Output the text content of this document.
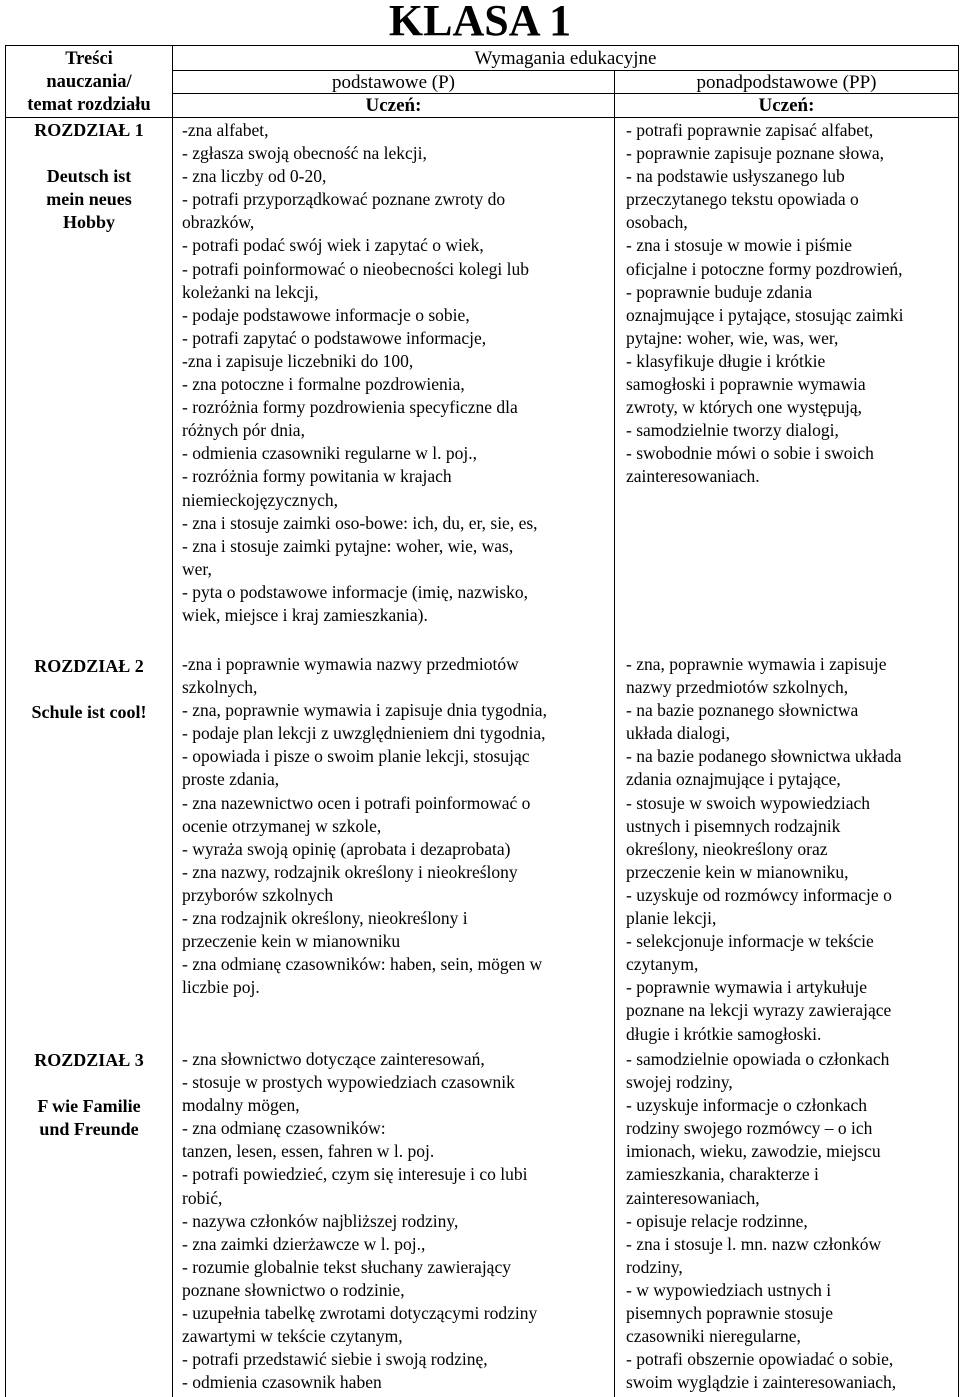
KLASA 1
Treści
nauczania/
temat rozdziału
Wymagania edukacyjne
podstawowe (P)	ponadpodstawowe (PP)
Uczeń:	Uczeń:
ROZDZIAŁ 1
Deutsch ist
mein neues
Hobby
-zna alfabet,
- zgłasza swoją obecność na lekcji,
- zna liczby od 0-20,
- potrafi przyporządkować poznane zwroty do
obrazków,
- potrafi podać swój wiek i zapytać o wiek,
- potrafi poinformować o nieobecności kolegi lub
koleżanki na lekcji,
- podaje podstawowe informacje o sobie,
- potrafi zapytać o podstawowe informacje,
-zna i zapisuje liczebniki do 100,
- zna potoczne i formalne pozdrowienia,
- rozróżnia formy pozdrowienia specyficzne dla
różnych pór dnia,
- odmienia czasowniki regularne w l. poj.,
- rozróżnia formy powitania w krajach
niemieckojęzycznych,
- zna i stosuje zaimki oso-bowe: ich, du, er, sie, es,
- zna i stosuje zaimki pytajne: woher, wie, was,
wer,
- pyta o podstawowe informacje (imię, nazwisko,
wiek, miejsce i kraj zamieszkania).
- potrafi poprawnie zapisać alfabet,
- poprawnie zapisuje poznane słowa,
- na podstawie usłyszanego lub
przeczytanego tekstu opowiada o
osobach,
- zna i stosuje w mowie i piśmie
oficjalne i potoczne formy pozdrowień,
- poprawnie buduje zdania
oznajmujące i pytające, stosując zaimki
pytajne: woher, wie, was, wer,
- klasyfikuje długie i krótkie
samogłoski i poprawnie wymawia
zwroty, w których one występują,
- samodzielnie tworzy dialogi,
- swobodnie mówi o sobie i swoich
zainteresowaniach.
ROZDZIAŁ 2
Schule ist cool!
-zna i poprawnie wymawia nazwy przedmiotów
szkolnych,
- zna, poprawnie wymawia i zapisuje dnia tygodnia,
- podaje plan lekcji z uwzględnieniem dni tygodnia,
- opowiada i pisze o swoim planie lekcji, stosując
proste zdania,
- zna nazewnictwo ocen i potrafi poinformować o
ocenie otrzymanej w szkole,
- wyraża swoją opinię (aprobata i dezaprobata)
- zna nazwy, rodzajnik określony i nieokreślony
przyborów szkolnych
- zna rodzajnik określony, nieokreślony i
przeczenie kein w mianowniku
- zna odmianę czasowników: haben, sein, mögen w
liczbie poj.
- zna, poprawnie wymawia i zapisuje
nazwy przedmiotów szkolnych,
- na bazie poznanego słownictwa
układa dialogi,
- na bazie podanego słownictwa układa
zdania oznajmujące i pytające,
- stosuje w swoich wypowiedziach
ustnych i pisemnych rodzajnik
określony, nieokreślony oraz
przeczenie kein w mianowniku,
- uzyskuje od rozmówcy informacje o
planie lekcji,
- selekcjonuje informacje w tekście
czytanym,
- poprawnie wymawia i artykułuje
poznane na lekcji wyrazy zawierające
długie i krótkie samogłoski.
ROZDZIAŁ 3
F wie Familie
und Freunde
- zna słownictwo dotyczące zainteresowań,
- stosuje w prostych wypowiedziach czasownik
modalny mögen,
- zna odmianę czasowników:
tanzen, lesen, essen, fahren w l. poj.
- potrafi powiedzieć, czym się interesuje i co lubi
robić,
- nazywa członków najbliższej rodziny,
- zna zaimki dzierżawcze w l. poj.,
- rozumie globalnie tekst słuchany zawierający
poznane słownictwo o rodzinie,
- uzupełnia tabelkę zwrotami dotyczącymi rodziny
zawartymi w tekście czytanym,
- potrafi przedstawić siebie i swoją rodzinę,
- odmienia czasownik haben
- samodzielnie opowiada o członkach
swojej rodziny,
- uzyskuje informacje o członkach
rodziny swojego rozmówcy – o ich
imionach, wieku, zawodzie, miejscu
zamieszkania, charakterze i
zainteresowaniach,
- opisuje relacje rodzinne,
- zna i stosuje l. mn. nazw członków
rodziny,
- w wypowiedziach ustnych i
pisemnych poprawnie stosuje
czasowniki nieregularne,
- potrafi obszernie opowiadać o sobie,
swoim wyglądzie i zainteresowaniach,
